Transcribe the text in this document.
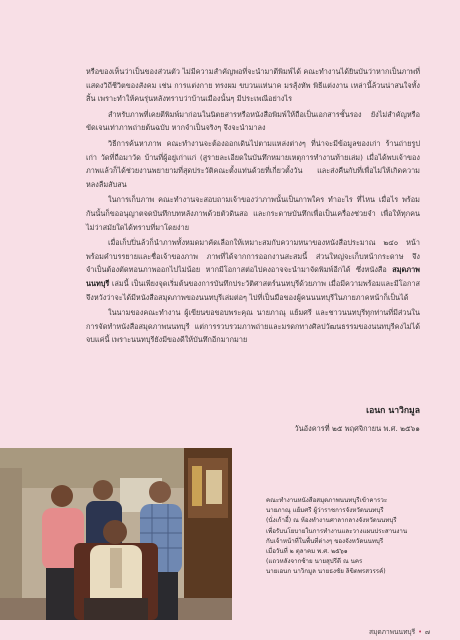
หรือของเห็นว่าเป็นของส่วนตัว ไม่มีความสำคัญพอที่จะนำมาตีพิมพ์ได้ คณะทำงานได้ยินบันว่าหากเป็นภาพที่แสดงวิถีชีวิตของสังคม เช่น การแต่งกาย ทรงผม ขบวนแห่นาค มรสุ้งหัพ พิธีแต่งงาน เหล่านี้ล้วนน่าสนใจทั้งสิ้น เพราะทำให้คนรุ่นหลังทราบว่าบ้านเมืองนั้นๆ มีประเพณีอย่างไร

สำหรับภาพที่เคยตีพิมพ์มาก่อนในนิตยสารหรือหนังสือพิมพ์ให้ถือเป็นเอกสารชั้นรอง ยังไม่สำคัญหรือขัดเจนเท่าภาพถ่ายต้นฉบับ หากจำเป็นจริงๆ จึงจะนำมาลง

วิธีการค้นหาภาพ คณะทำงานจะต้องออกเดินไปตามแหล่งต่างๆ ที่น่าจะมีข้อมูลของเก่า ร้านถ่ายรูปเก่า วัดที่ถือมาวัด บ้านที่ผู้อยู่เก่าแก่ (สูรายละเอียดในบันทึกหมายเหตุการทำงานท้ายเล่ม) เมื่อได้พบเจ้าของภาพแล้วก็ได้ช่วยงานพยายามที่สุดประวัติคณะตั้งแท่นด้วยที่เกี่ยวตั้งวัน และส่งคืนกับที่เพื่อไม่ให้เกิดความหลงลืมสับสน

ในการเก็บภาพ คณะทำงานจะสอบถามเจ้าของว่าภาพนั้นเป็นภาพใคร ทำอะไร ที่ไหน เมื่อไร พร้อมกันนั้นก็ขออนุญาตจดบันทึกบทหลังภาพด้วยตัวดินสอ และกระดาษบันทึกเพื่อเป็นเครื่องช่วยจำ เพื่อให้ทุกคนไม่ว่าสมัยใดได้ทราบที่มาโดยง่าย

เมื่อเก็บปิ่นล้วก็นำภาพทั้งหมดมาคัดเลือกให้เหมาะสมกับความหนาของหนังสือประมาณ ๒๔๐ หน้า พร้อมคำบรรยายและชื่อเจ้าของภาพ ภาพที่ได้จากการออกงานสะสมนี้ ส่วนใหญ่จะเก็บหน้ากระดาษ จึงจำเป็นต้องตัดทอนภาพออกไปไม่น้อย หากมีโอกาสต่อไปคงอาจจะนำมาจัดพิมพ์อีกได้ ซึ่งหนังสือ สมุดภาพนนทบุรี เล่มนี้ เป็นเพียงจุดเริ่มต้นของการบันทึกประวัติศาสตร์นนทบุรีด้วยภาพ เมื่อมีความพร้อมและมีโอกาสจึงหวังว่าจะได้มีหนังสือสมุดภาพของนนทบุรีเล่มต่อๆ ไปที่เป็นมือของผู้คนนนทบุรีในภายภาคหน้าก็เป็นได้

ในนามของคณะทำงาน ผู้เขียนขอขอบพระคุณ นายภาณุ แย้มศรี และชาวนนทบุรีทุกท่านที่มีส่วนในการจัดทำหนังสือสมุดภาพนนทบุรี แต่การรวบรวมภาพถ่ายและมรดกทางศิลปวัฒนธรรมของนนทบุรีคงไม่ได้จบแค่นี้ เพราะนนทบุรียังมีของดีให้บันทึกอีกมากมาย

เอนก นาวิกมูล
วันอังคารที่ ๒๕ พฤศจิกายน พ.ศ. ๒๕๖๑
คณะทำงานหนังสือสมุดภาพนนทบุรีเข้าคารวะ
นายภาณุ แย้มศรี ผู้ว่าราชการจังหวัดนนทบุรี
(นั่งเก้าอี้) ณ ห้องทำงานศาลากลางจังหวัดนนทบุรี
เพื่อรับนโยบายในการทำงานและวางแผนประสานงาน
กับเจ้าหน้าที่ในพื้นที่ต่างๆ ของจังหวัดนนทบุรี
เมื่อวันที่ ๒ ตุลาคม พ.ศ. ๒๕๖๑
(แถวหลังจากซ้าย นายสุปรีดี ณ นคร
นายเอนก นาวิกมูล นายธงชัย ลิขิตพรสวรรค์)
สมุดภาพนนทบุรี • ๗
